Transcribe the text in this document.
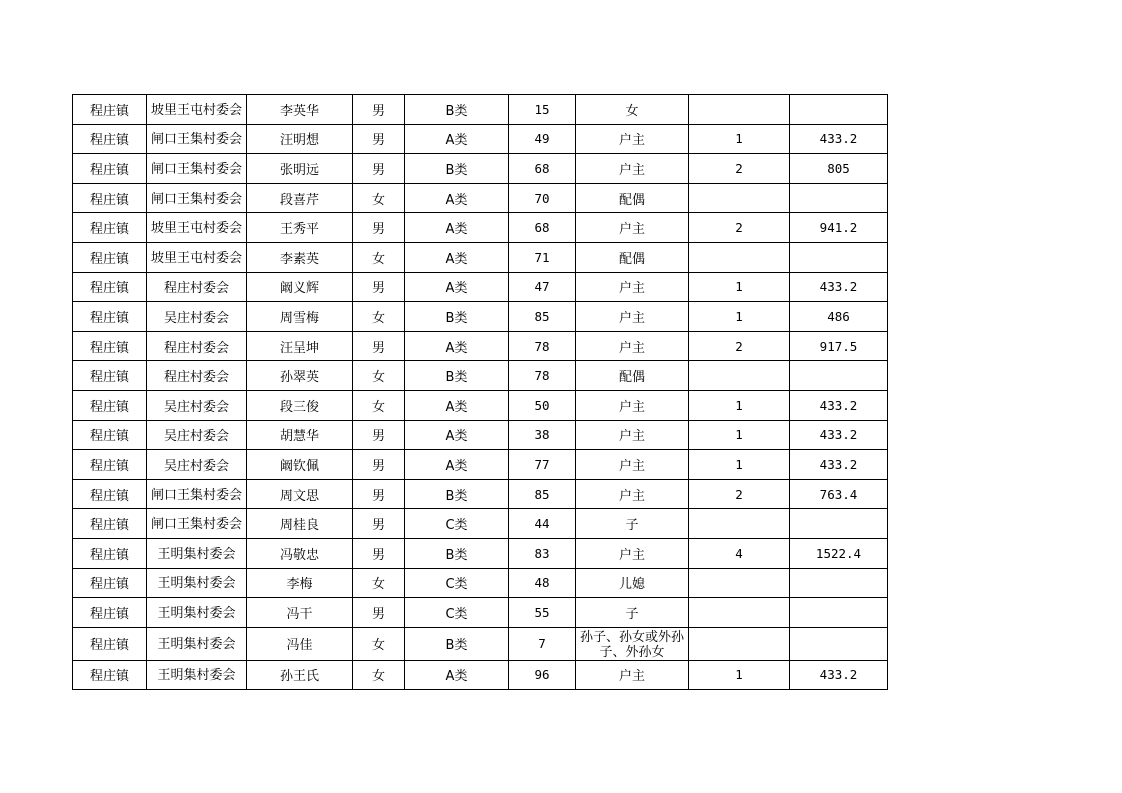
程庄镇	坡里王屯村委会	李英华	男	B类	15	女		
程庄镇	闸口王集村委会	汪明想	男	A类	49	户主	1	433.2
程庄镇	闸口王集村委会	张明远	男	B类	68	户主	2	805
程庄镇	闸口王集村委会	段喜芹	女	A类	70	配偶		
程庄镇	坡里王屯村委会	王秀平	男	A类	68	户主	2	941.2
程庄镇	坡里王屯村委会	李素英	女	A类	71	配偶		
程庄镇	程庄村委会	阚义辉	男	A类	47	户主	1	433.2
程庄镇	吴庄村委会	周雪梅	女	B类	85	户主	1	486
程庄镇	程庄村委会	汪呈坤	男	A类	78	户主	2	917.5
程庄镇	程庄村委会	孙翠英	女	B类	78	配偶		
程庄镇	吴庄村委会	段三俊	女	A类	50	户主	1	433.2
程庄镇	吴庄村委会	胡慧华	男	A类	38	户主	1	433.2
程庄镇	吴庄村委会	阚钦佩	男	A类	77	户主	1	433.2
程庄镇	闸口王集村委会	周文思	男	B类	85	户主	2	763.4
程庄镇	闸口王集村委会	周桂良	男	C类	44	子		
程庄镇	王明集村委会	冯敬忠	男	B类	83	户主	4	1522.4
程庄镇	王明集村委会	李梅	女	C类	48	儿媳		
程庄镇	王明集村委会	冯干	男	C类	55	子		
程庄镇	王明集村委会	冯佳	女	B类	7	孙子、孙女或外孙子、外孙女		

程庄镇	王明集村委会	孙王氏	女	A类	96	户主	1	433.2
